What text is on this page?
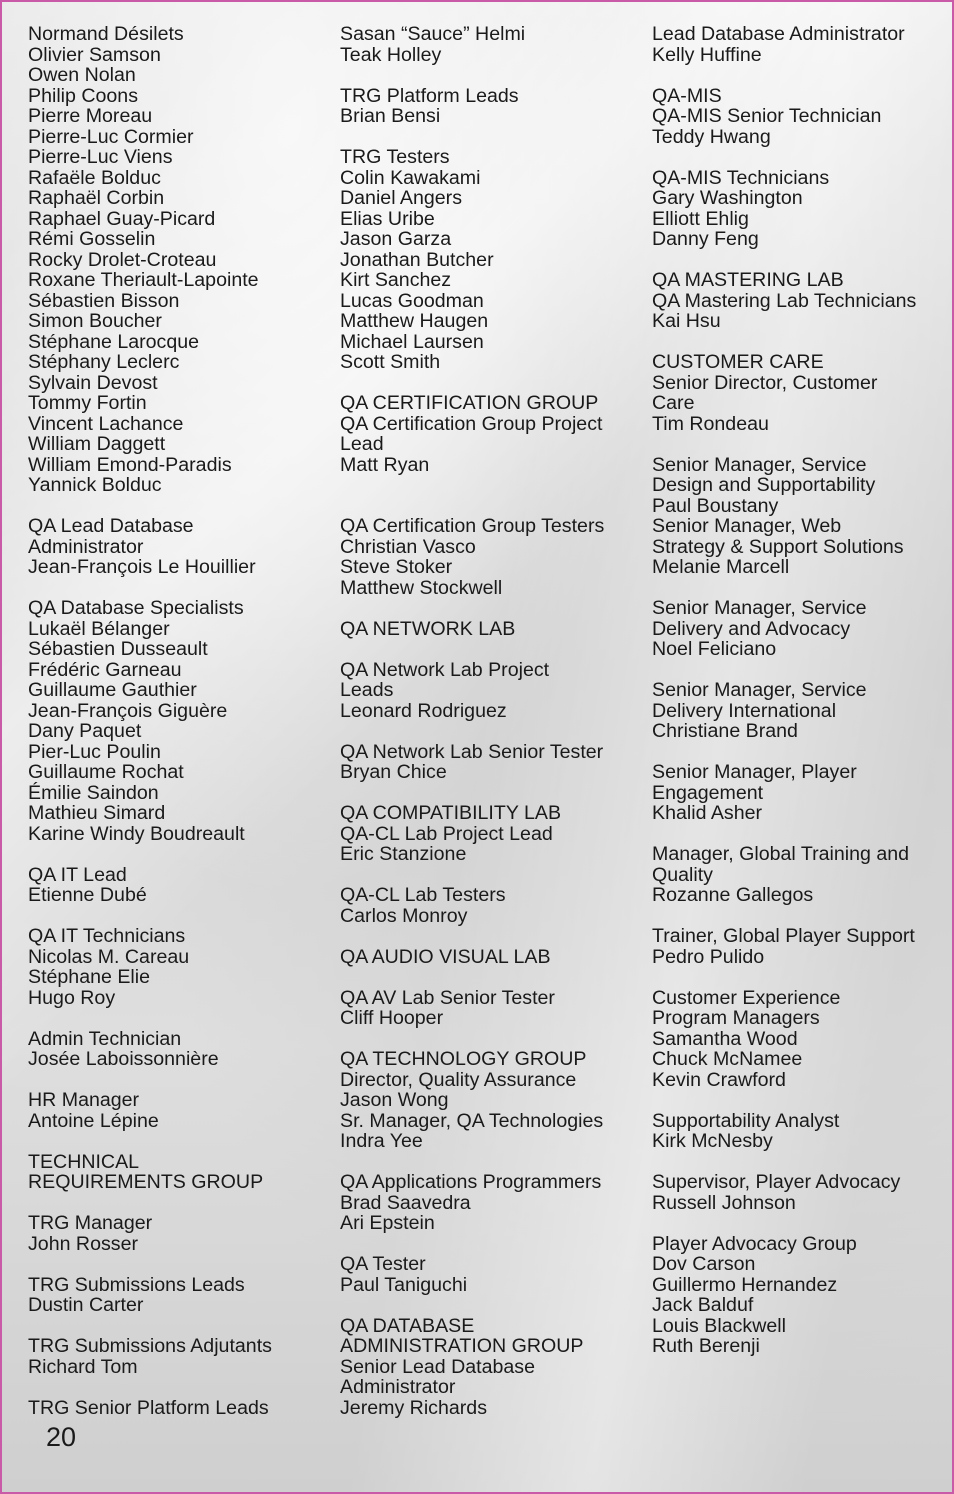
Normand Désilets
Olivier Samson
Owen Nolan
Philip Coons
Pierre Moreau
Pierre-Luc Cormier
Pierre-Luc Viens
Rafaële Bolduc
Raphaël Corbin
Raphael Guay-Picard
Rémi Gosselin
Rocky Drolet-Croteau
Roxane Theriault-Lapointe
Sébastien Bisson
Simon Boucher
Stéphane Larocque
Stéphany Leclerc
Sylvain Devost
Tommy Fortin
Vincent Lachance
William Daggett
William Emond-Paradis
Yannick Bolduc
QA Lead Database
Administrator
Jean-François Le Houillier
QA Database Specialists
Lukaël Bélanger
Sébastien Dusseault
Frédéric Garneau
Guillaume Gauthier
Jean-François Giguère
Dany Paquet
Pier-Luc Poulin
Guillaume Rochat
Émilie Saindon
Mathieu Simard
Karine Windy Boudreault
QA IT Lead
Etienne Dubé
QA IT Technicians
Nicolas M. Careau
Stéphane Elie
Hugo Roy
Admin Technician
Josée Laboissonnière
HR Manager
Antoine Lépine
TECHNICAL
REQUIREMENTS GROUP
TRG Manager
John Rosser
TRG Submissions Leads
Dustin Carter
TRG Submissions Adjutants
Richard Tom
TRG Senior Platform Leads
Sasan “Sauce” Helmi
Teak Holley
TRG Platform Leads
Brian Bensi
TRG Testers
Colin Kawakami
Daniel Angers
Elias Uribe
Jason Garza
Jonathan Butcher
Kirt Sanchez
Lucas Goodman
Matthew Haugen
Michael Laursen
Scott Smith
QA CERTIFICATION GROUP
QA Certification Group Project
Lead
Matt Ryan
QA Certification Group Testers
Christian Vasco
Steve Stoker
Matthew Stockwell
QA NETWORK LAB
QA Network Lab Project
Leads
Leonard Rodriguez
QA Network Lab Senior Tester
Bryan Chice
QA COMPATIBILITY LAB
QA-CL Lab Project Lead
Eric Stanzione
QA-CL Lab Testers
Carlos Monroy
QA AUDIO VISUAL LAB
QA AV Lab Senior Tester
Cliff Hooper
QA TECHNOLOGY GROUP
Director, Quality Assurance
Jason Wong
Sr. Manager, QA Technologies
Indra Yee
QA Applications Programmers
Brad Saavedra
Ari Epstein
QA Tester
Paul Taniguchi
QA DATABASE
ADMINISTRATION GROUP
Senior Lead Database
Administrator
Jeremy Richards
Lead Database Administrator
Kelly Huffine
QA-MIS
QA-MIS Senior Technician
Teddy Hwang
QA-MIS Technicians
Gary Washington
Elliott Ehlig
Danny Feng
QA MASTERING LAB
QA Mastering Lab Technicians
Kai Hsu
CUSTOMER CARE
Senior Director, Customer
Care
Tim Rondeau
Senior Manager, Service
Design and Supportability
Paul Boustany
Senior Manager, Web
Strategy & Support Solutions
Melanie Marcell
Senior Manager, Service
Delivery and Advocacy
Noel Feliciano
Senior Manager, Service
Delivery International
Christiane Brand
Senior Manager, Player
Engagement
Khalid Asher
Manager, Global Training and
Quality
Rozanne Gallegos
Trainer, Global Player Support
Pedro Pulido
Customer Experience
Program Managers
Samantha Wood
Chuck McNamee
Kevin Crawford
Supportability Analyst
Kirk McNesby
Supervisor, Player Advocacy
Russell Johnson
Player Advocacy Group
Dov Carson
Guillermo Hernandez
Jack Balduf
Louis Blackwell
Ruth Berenji
20
